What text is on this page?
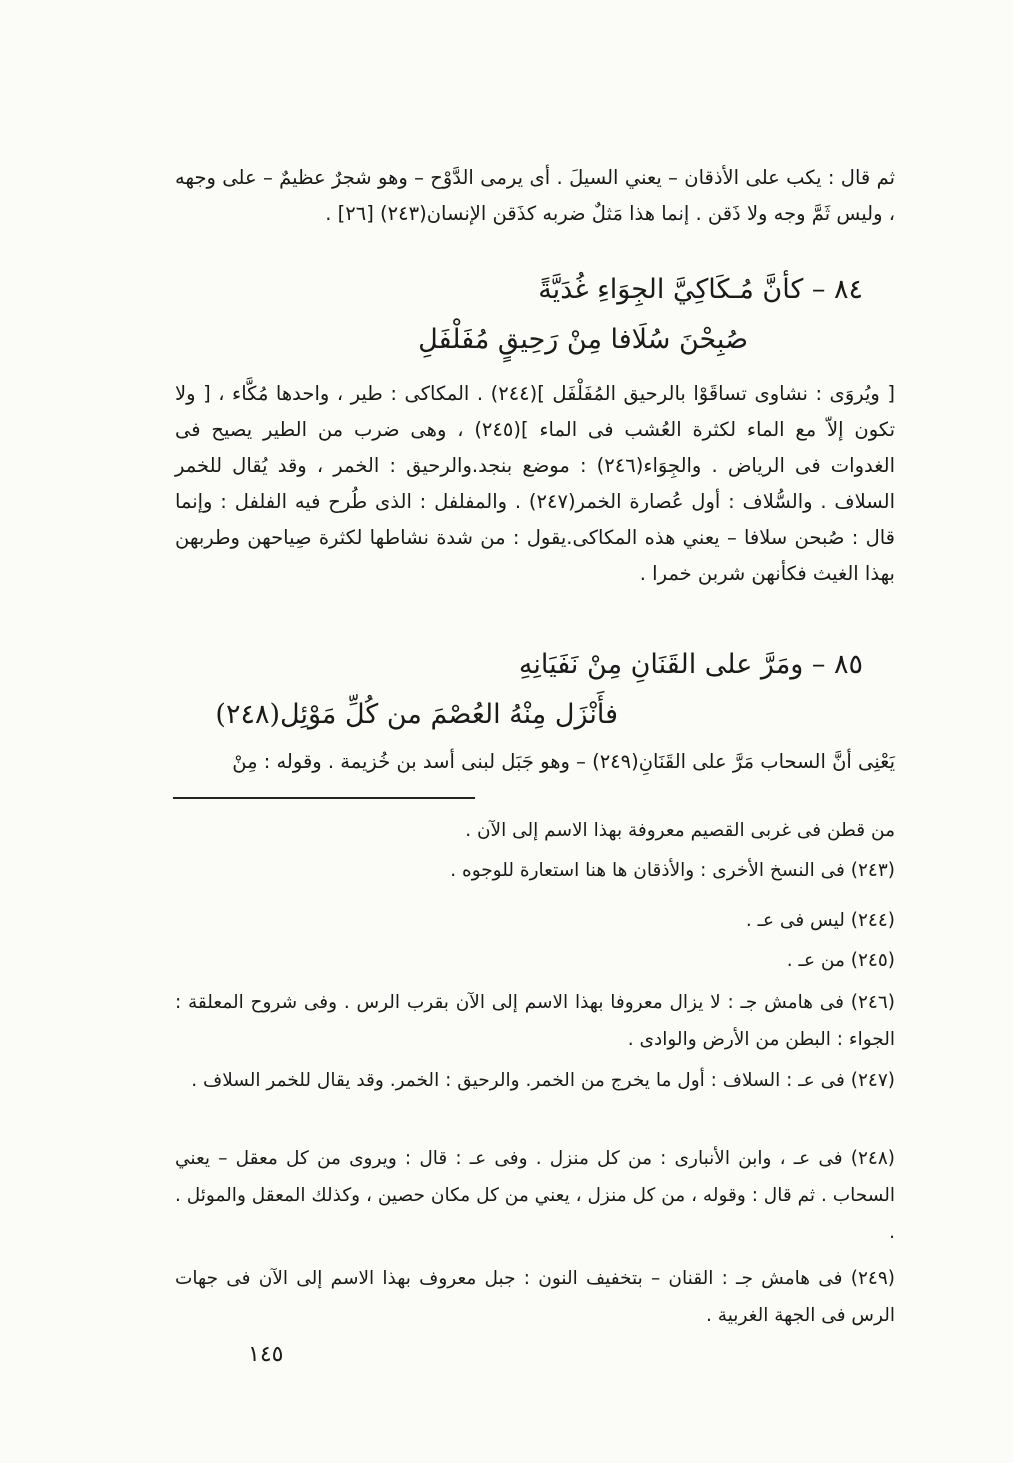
ثم قال : يكب على الأذقان – يعني السيلَ . أى يرمى الدَّوْح – وهو شجرٌ عظيمٌ – على وجهه ، وليس ثَمَّ وجه ولا ذَقن . إنما هذا مَثلٌ ضربه كذَقن الإنسان(٢٤٣) [٢٦] .
٨٤ – كأنَّ مُـكَاكِيَّ الجِوَاءِ غُدَيَّةً
صُبِحْنَ سُلَافا مِنْ رَحِيقٍ مُفَلْفَلِ
[ ويُروَى : نشاوى تساقَوْا بالرحيق المُفَلْفَل ](٢٤٤) . المكاكى : طير ، واحدها مُكَّاء ، [ ولا تكون إلاّ مع الماء لكثرة العُشب فى الماء ](٢٤٥) ، وهى ضرب من الطير يصيح فى الغدوات فى الرياض . والجِوَاء(٢٤٦) : موضع بنجد.والرحيق : الخمر ، وقد يُقال للخمر السلاف . والسُّلاف : أول عُصارة الخمر(٢٤٧) . والمفلفل : الذى طُرح فيه الفلفل : وإنما قال : صُبحن سلافا – يعني هذه المكاكى.يقول : من شدة نشاطها لكثرة صِياحهن وطربهن بهذا الغيث فكأنهن شربن خمرا .
٨٥ – ومَرَّ على القَنَانِ مِنْ نَفَيَانِهِ
فأَنْزَل مِنْهُ العُصْمَ من كُلِّ مَوْئِل(٢٤٨)
يَعْنِى أنَّ السحاب مَرَّ على القَنَانِ(٢٤٩) – وهو جَبَل لبنى أسد بن خُزيمة . وقوله : مِنْ
من قطن فى غربى القصيم معروفة بهذا الاسم إلى الآن .
(٢٤٣) فى النسخ الأخرى : والأذقان ها هنا استعارة للوجوه .
(٢٤٤) ليس فى عـ .
(٢٤٥) من عـ .
(٢٤٦) فى هامش جـ : لا يزال معروفا بهذا الاسم إلى الآن بقرب الرس . وفى شروح المعلقة : الجواء : البطن من الأرض والوادى .
(٢٤٧) فى عـ : السلاف : أول ما يخرج من الخمر. والرحيق : الخمر. وقد يقال للخمر السلاف .
(٢٤٨) فى عـ ، وابن الأنبارى : من كل منزل . وفى عـ : قال : ويروى من كل معقل – يعني السحاب . ثم قال : وقوله ، من كل منزل ، يعني من كل مكان حصين ، وكذلك المعقل والموئل . .
(٢٤٩) فى هامش جـ : القنان – بتخفيف النون : جبل معروف بهذا الاسم إلى الآن فى جهات الرس فى الجهة الغربية .
١٤٥
